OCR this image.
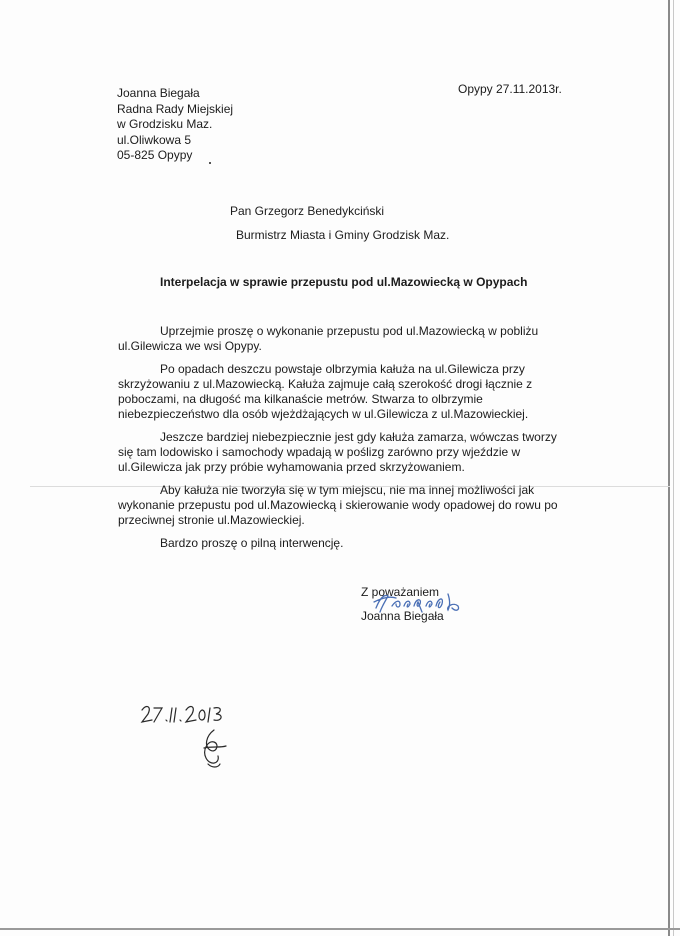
Joanna Biegała
Radna Rady Miejskiej
w Grodzisku Maz.
ul.Oliwkowa 5
05-825 Opypy
Opypy 27.11.2013r.
Pan Grzegorz Benedykciński
Burmistrz Miasta i Gminy Grodzisk Maz.
Interpelacja w sprawie przepustu pod ul.Mazowiecką w Opypach
Uprzejmie proszę o wykonanie przepustu pod ul.Mazowiecką w pobliżu
ul.Gilewicza we wsi Opypy.
Po opadach deszczu powstaje olbrzymia kałuża na ul.Gilewicza przy
skrzyżowaniu z ul.Mazowiecką. Kałuża zajmuje całą szerokość drogi łącznie z
poboczami, na długość ma kilkanaście metrów. Stwarza to olbrzymie
niebezpieczeństwo dla osób wjeżdżających w ul.Gilewicza z ul.Mazowieckiej.
Jeszcze bardziej niebezpiecznie jest gdy kałuża zamarza, wówczas tworzy
się tam lodowisko i samochody wpadają w poślizg zarówno przy wjeździe w
ul.Gilewicza jak przy próbie wyhamowania przed skrzyżowaniem.
Aby kałuża nie tworzyła się w tym miejscu, nie ma innej możliwości jak
wykonanie przepustu pod ul.Mazowiecką i skierowanie wody opadowej do rowu po
przeciwnej stronie ul.Mazowieckiej.
Bardzo proszę o pilną interwencję.
Z poważaniem
Joanna Biegała
